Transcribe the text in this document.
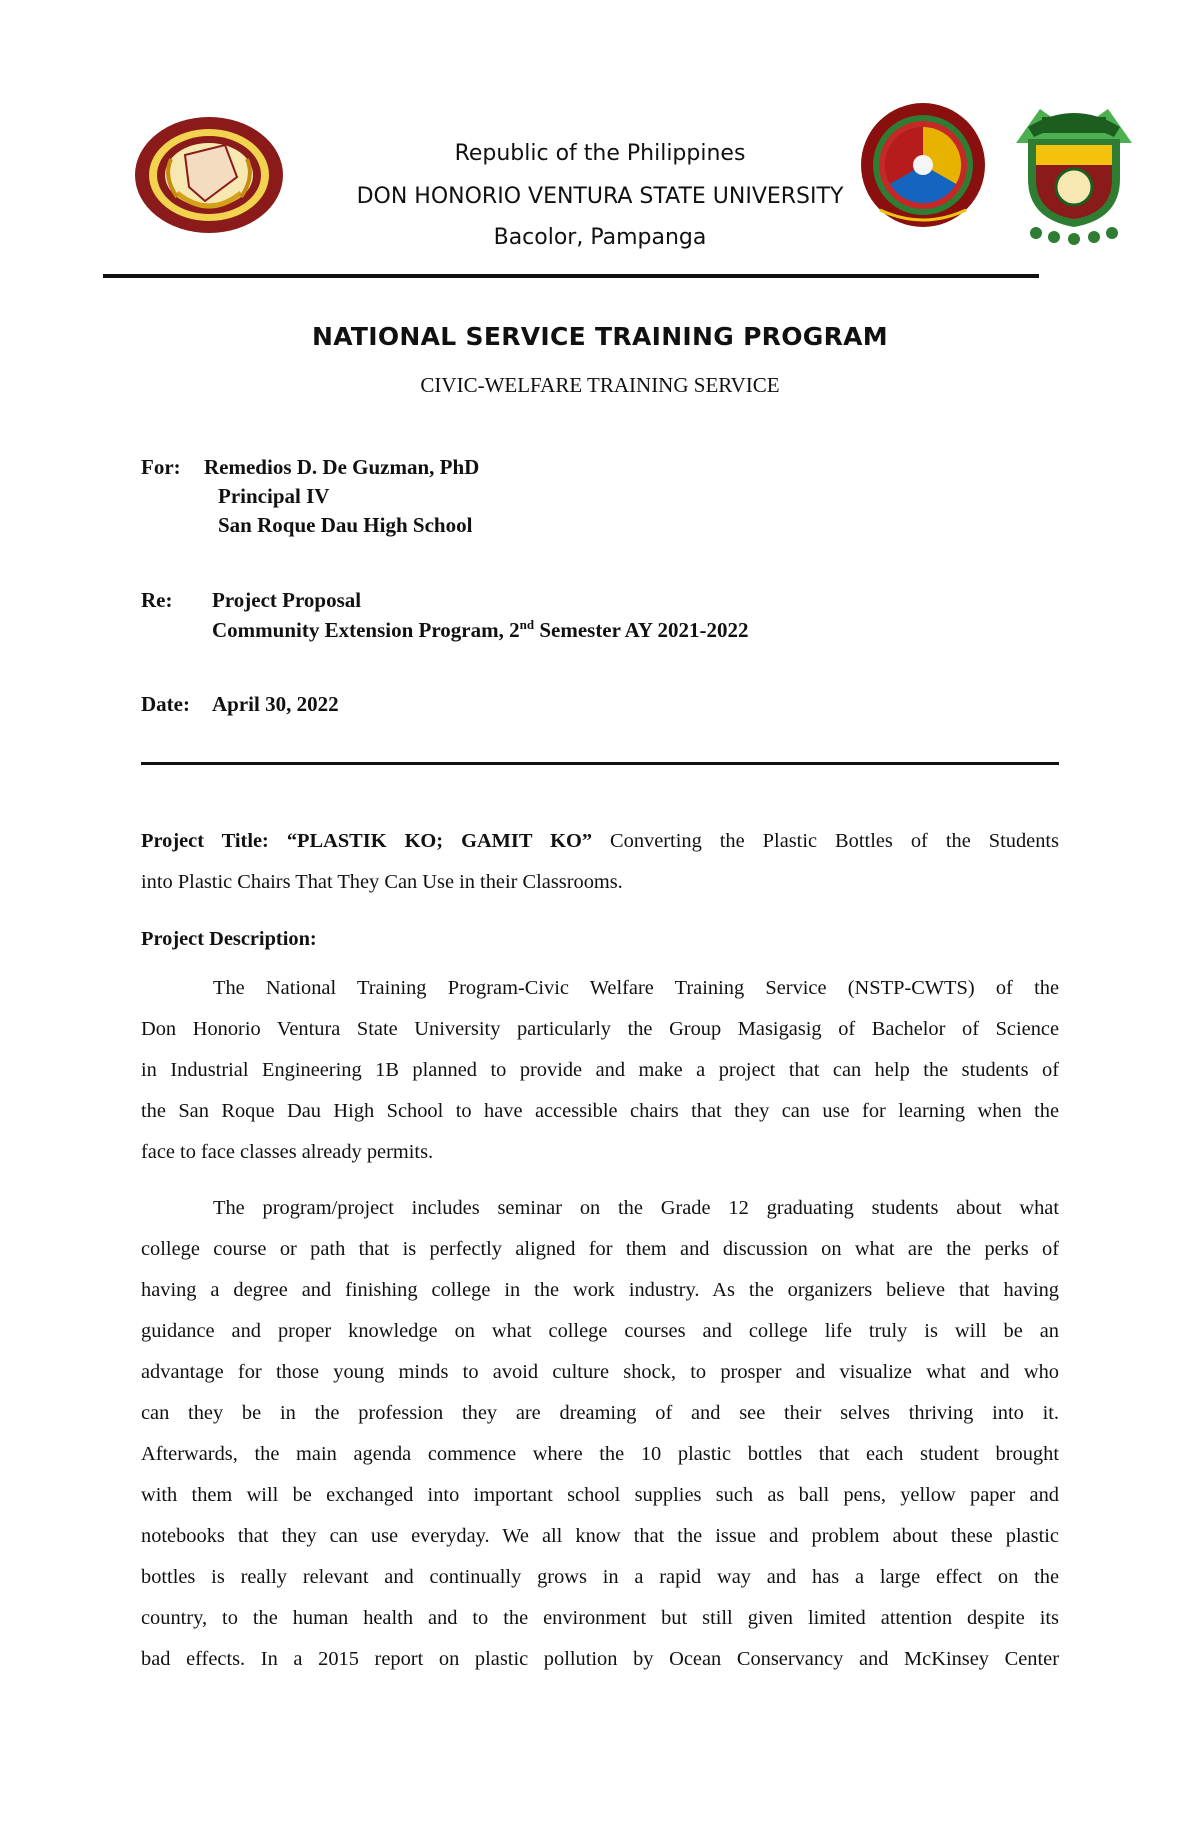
Republic of the Philippines
DON HONORIO VENTURA STATE UNIVERSITY
Bacolor, Pampanga
NATIONAL SERVICE TRAINING PROGRAM
CIVIC-WELFARE TRAINING SERVICE
For: Remedios D. De Guzman, PhD
Principal IV
San Roque Dau High School
Re: Project Proposal
Community Extension Program, 2nd Semester AY 2021-2022
Date: April 30, 2022
Project Title: “PLASTIK KO; GAMIT KO” Converting the Plastic Bottles of the Students
into Plastic Chairs That They Can Use in their Classrooms.
Project Description:
The National Training Program-Civic Welfare Training Service (NSTP-CWTS) of the
Don Honorio Ventura State University particularly the Group Masigasig of Bachelor of Science
in Industrial Engineering 1B planned to provide and make a project that can help the students of
the San Roque Dau High School to have accessible chairs that they can use for learning when the
face to face classes already permits.
The program/project includes seminar on the Grade 12 graduating students about what
college course or path that is perfectly aligned for them and discussion on what are the perks of
having a degree and finishing college in the work industry. As the organizers believe that having
guidance and proper knowledge on what college courses and college life truly is will be an
advantage for those young minds to avoid culture shock, to prosper and visualize what and who
can they be in the profession they are dreaming of and see their selves thriving into it.
Afterwards, the main agenda commence where the 10 plastic bottles that each student brought
with them will be exchanged into important school supplies such as ball pens, yellow paper and
notebooks that they can use everyday. We all know that the issue and problem about these plastic
bottles is really relevant and continually grows in a rapid way and has a large effect on the
country, to the human health and to the environment but still given limited attention despite its
bad effects. In a 2015 report on plastic pollution by Ocean Conservancy and McKinsey Center
